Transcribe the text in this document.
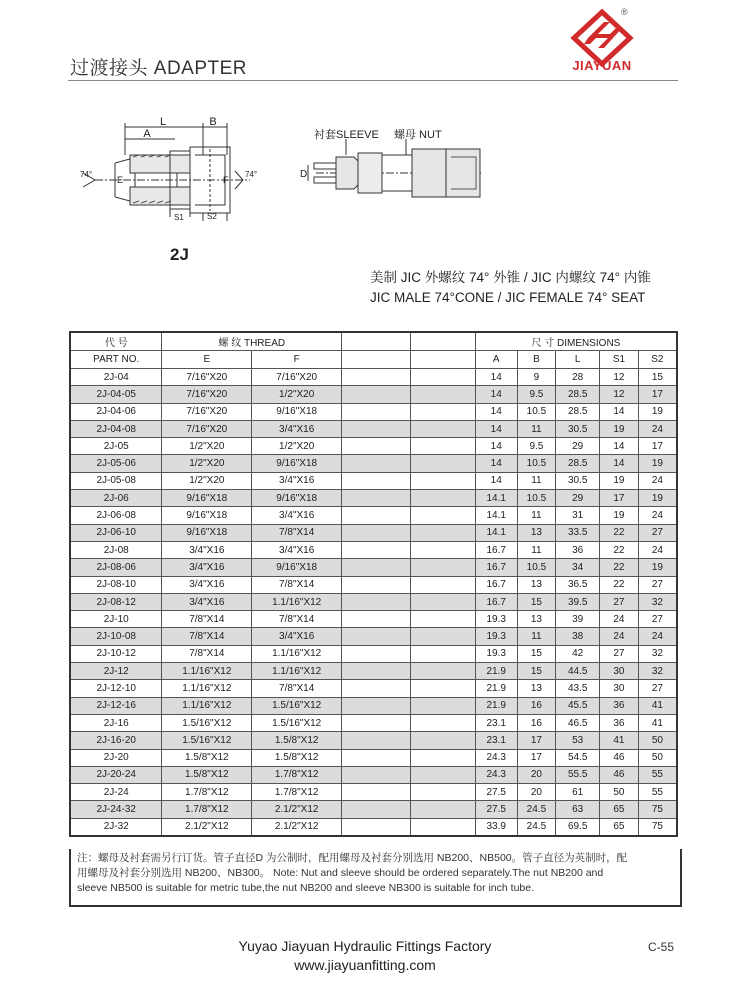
过渡接头 ADAPTER
®
JIAYUAN
L	B
A
74°
E	F
74°
S1	S2
衬套SLEEVE 螺母 NUT
D
2J
美制 JIC 外螺纹 74° 外锥 / JIC 内螺纹 74° 内锥
JIC MALE 74°CONE / JIC FEMALE 74° SEAT
代 号	螺 纹 THREAD				尺 寸 DIMENSIONS				
PART NO.	E	F			A	B	L	S1	S2
2J-04	7/16"X20	7/16"X20			14	9	28	12	15
2J-04-05	7/16"X20	1/2"X20			14	9.5	28.5	12	17
2J-04-06	7/16"X20	9/16"X18			14	10.5	28.5	14	19
2J-04-08	7/16"X20	3/4"X16			14	11	30.5	19	24
2J-05	1/2"X20	1/2"X20			14	9.5	29	14	17
2J-05-06	1/2"X20	9/16"X18			14	10.5	28.5	14	19
2J-05-08	1/2"X20	3/4"X16			14	11	30.5	19	24
2J-06	9/16"X18	9/16"X18			14.1	10.5	29	17	19
2J-06-08	9/16"X18	3/4"X16			14.1	11	31	19	24
2J-06-10	9/16"X18	7/8"X14			14.1	13	33.5	22	27
2J-08	3/4"X16	3/4"X16			16.7	11	36	22	24
2J-08-06	3/4"X16	9/16"X18			16.7	10.5	34	22	19
2J-08-10	3/4"X16	7/8"X14			16.7	13	36.5	22	27
2J-08-12	3/4"X16	1.1/16"X12			16.7	15	39.5	27	32
2J-10	7/8"X14	7/8"X14			19.3	13	39	24	27
2J-10-08	7/8"X14	3/4"X16			19.3	11	38	24	24
2J-10-12	7/8"X14	1.1/16"X12			19.3	15	42	27	32
2J-12	1.1/16"X12	1.1/16"X12			21.9	15	44.5	30	32
2J-12-10	1.1/16"X12	7/8"X14			21.9	13	43.5	30	27
2J-12-16	1.1/16"X12	1.5/16"X12			21.9	16	45.5	36	41
2J-16	1.5/16"X12	1.5/16"X12			23.1	16	46.5	36	41
2J-16-20	1.5/16"X12	1.5/8"X12			23.1	17	53	41	50
2J-20	1.5/8"X12	1.5/8"X12			24.3	17	54.5	46	50
2J-20-24	1.5/8"X12	1.7/8"X12			24.3	20	55.5	46	55
2J-24	1.7/8"X12	1.7/8"X12			27.5	20	61	50	55
2J-24-32	1.7/8"X12	2.1/2"X12			27.5	24.5	63	65	75
2J-32	2.1/2"X12	2.1/2"X12			33.9	24.5	69.5	65	75
注：螺母及衬套需另行订货。管子直径D 为公制时，配用螺母及衬套分别选用 NB200、NB500。管子直径为英制时，配
用螺母及衬套分别选用 NB200、NB300。 Note: Nut and sleeve should be ordered separately.The nut NB200 and
sleeve NB500 is suitable for metric tube,the nut NB200 and sleeve NB300 is suitable for inch tube.
Yuyao Jiayuan Hydraulic Fittings Factory
www.jiayuanfitting.com
C-55
